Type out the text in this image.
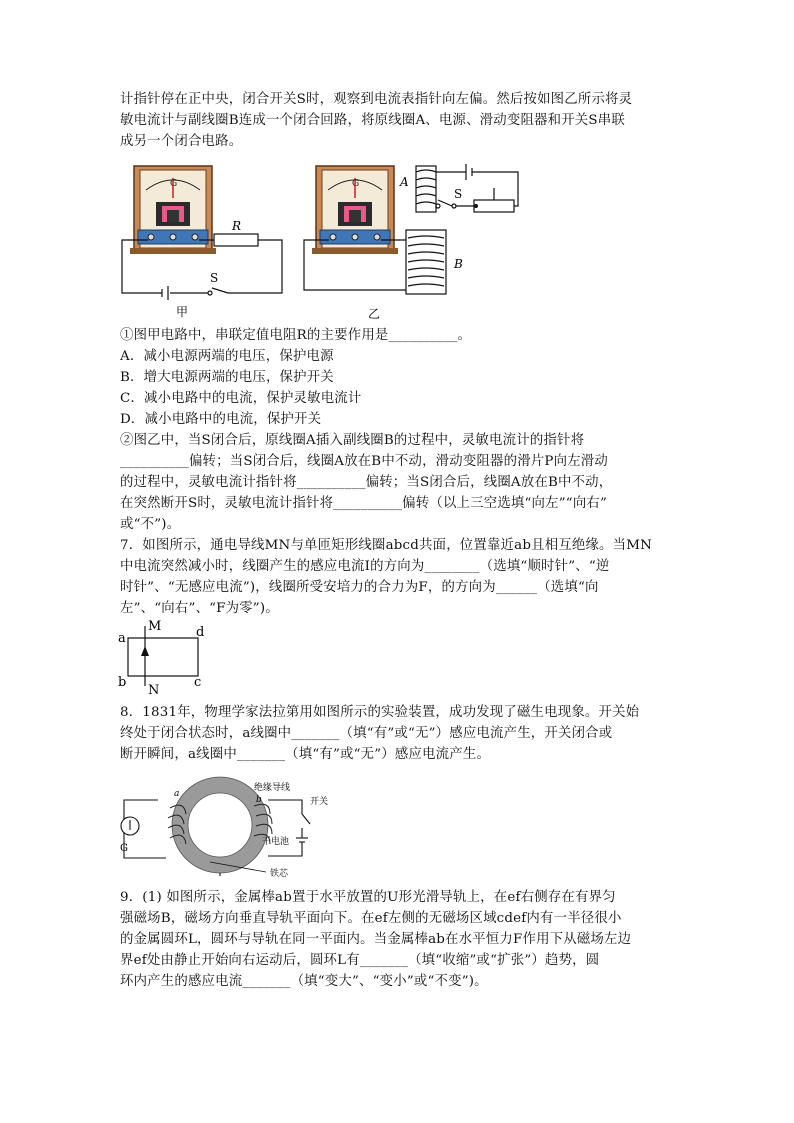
计指针停在正中央，闭合开关S时，观察到电流表指针向左偏。然后按如图乙所示将灵
敏电流计与副线圈B连成一个闭合回路，将原线圈A、电源、滑动变阻器和开关S串联
成另一个闭合电路。
G
R
S
甲
G
B
A
S
乙
①图甲电路中，串联定值电阻R的主要作用是__________。
A．减小电源两端的电压，保护电源
B．增大电源两端的电压，保护开关
C．减小电路中的电流，保护灵敏电流计
D．减小电路中的电流，保护开关
②图乙中，当S闭合后，原线圈A插入副线圈B的过程中，灵敏电流计的指针将
__________偏转；当S闭合后，线圈A放在B中不动，滑动变阻器的滑片P向左滑动
的过程中，灵敏电流计指针将__________偏转；当S闭合后，线圈A放在B中不动，
在突然断开S时，灵敏电流计指针将__________偏转（以上三空选填“向左”“向右”
或“不”)。
7．如图所示，通电导线MN与单匝矩形线圈abcd共面，位置靠近ab且相互绝缘。当MN
中电流突然减小时，线圈产生的感应电流I的方向为________（选填“顺时针”、“逆
时针”、“无感应电流”)，线圈所受安培力的合力为F，的方向为______（选填“向
左”、“向右”、“F为零”)。
a
b	c
d
M
N
8．1831年，物理学家法拉第用如图所示的实验装置，成功发现了磁生电现象。开关始
终处于闭合状态时，a线圈中_______（填“有”或“无”）感应电流产生，开关闭合或
断开瞬间，a线圈中_______（填“有”或“无”）感应电流产生。
G
a
b
绝缘导线
开关
干电池
铁芯
9．(1) 如图所示，金属棒ab置于水平放置的U形光滑导轨上，在ef右侧存在有界匀
强磁场B，磁场方向垂直导轨平面向下。在ef左侧的无磁场区域cdef内有一半径很小
的金属圆环L，圆环与导轨在同一平面内。当金属棒ab在水平恒力F作用下从磁场左边
界ef处由静止开始向右运动后，圆环L有_______（填“收缩”或“扩张”）趋势，圆
环内产生的感应电流_______（填“变大”、“变小”或“不变”)。
